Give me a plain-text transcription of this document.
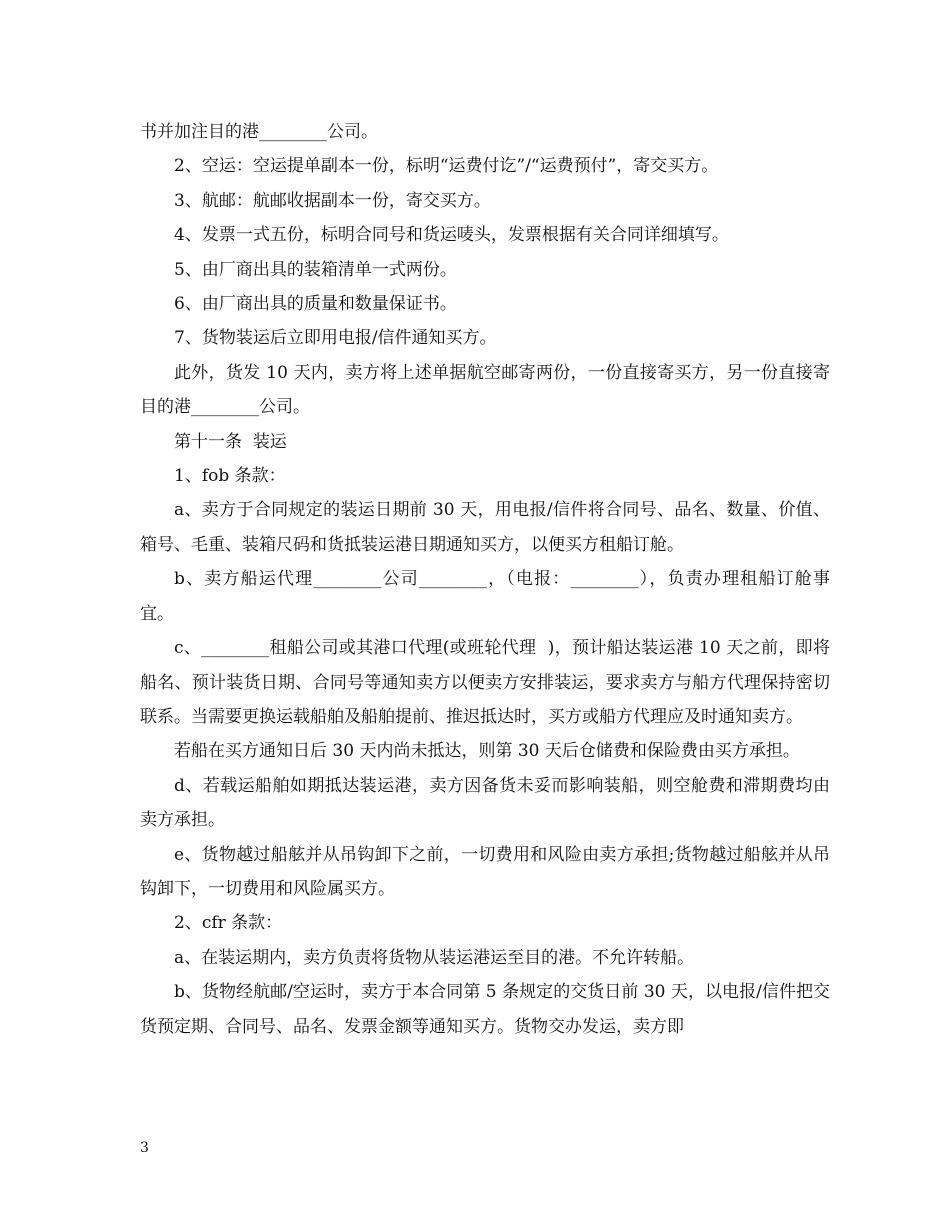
书并加注目的港________公司。

2、空运：空运提单副本一份，标明“运费付讫”/“运费预付”，寄交买方。

3、航邮：航邮收据副本一份，寄交买方。

4、发票一式五份，标明合同号和货运唛头，发票根据有关合同详细填写。

5、由厂商出具的装箱清单一式两份。

6、由厂商出具的质量和数量保证书。

7、货物装运后立即用电报/信件通知买方。

此外，货发 10 天内，卖方将上述单据航空邮寄两份，一份直接寄买方，另一份直接寄目的港________公司。

第十一条  装运

1、fob 条款：

a、卖方于合同规定的装运日期前 30 天，用电报/信件将合同号、品名、数量、价值、箱号、毛重、装箱尺码和货抵装运港日期通知买方，以便买方租船订舱。

b、卖方船运代理________公司________，（电报：________），负责办理租船订舱事宜。

c、________租船公司或其港口代理(或班轮代理  )，预计船达装运港 10 天之前，即将船名、预计装货日期、合同号等通知卖方以便卖方安排装运，要求卖方与船方代理保持密切联系。当需要更换运载船舶及船舶提前、推迟抵达时，买方或船方代理应及时通知卖方。

若船在买方通知日后 30 天内尚未抵达，则第 30 天后仓储费和保险费由买方承担。

d、若载运船舶如期抵达装运港，卖方因备货未妥而影响装船，则空舱费和滞期费均由卖方承担。

e、货物越过船舷并从吊钩卸下之前，一切费用和风险由卖方承担;货物越过船舷并从吊钩卸下，一切费用和风险属买方。

2、cfr 条款：

a、在装运期内，卖方负责将货物从装运港运至目的港。不允许转船。

b、货物经航邮/空运时，卖方于本合同第 5 条规定的交货日前 30 天，以电报/信件把交货预定期、合同号、品名、发票金额等通知买方。货物交办发运，卖方即

3
